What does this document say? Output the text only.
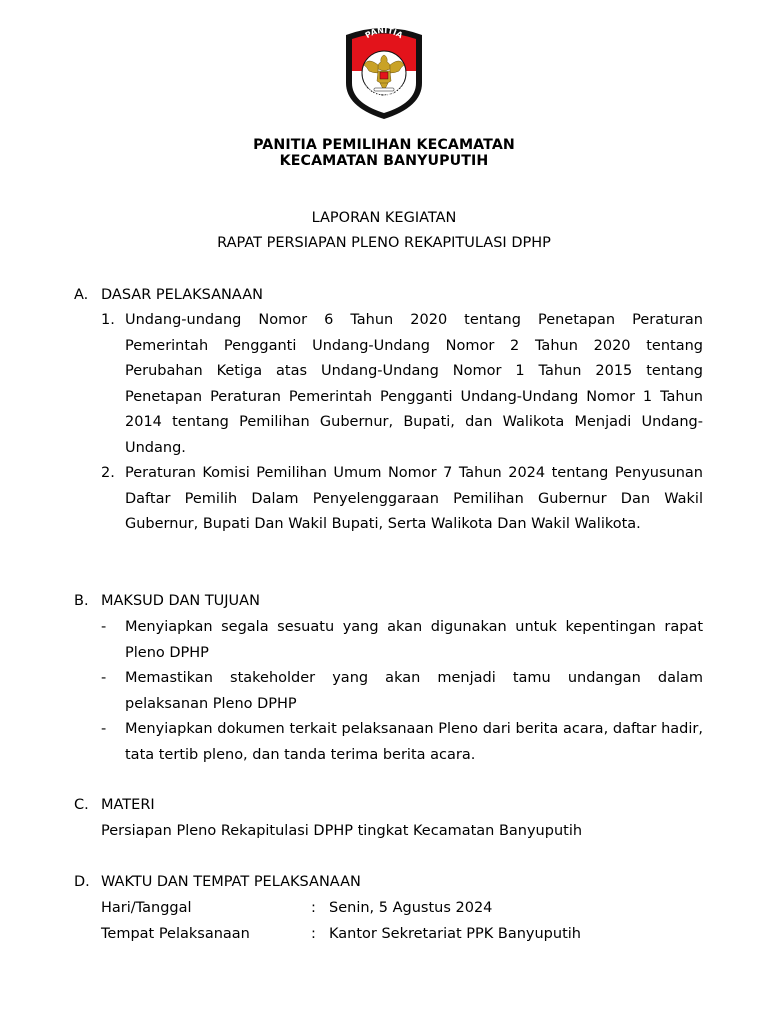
PANITIA
PEMILIHAN KECAMATAN
PANITIA PEMILIHAN KECAMATAN
KECAMATAN BANYUPUTIH
LAPORAN KEGIATAN
RAPAT PERSIAPAN PLENO REKAPITULASI DPHP
A. DASAR PELAKSANAAN
1. Undang-undang Nomor 6 Tahun 2020 tentang Penetapan Peraturan Pemerintah Pengganti Undang-Undang Nomor 2 Tahun 2020 tentang Perubahan Ketiga atas Undang-Undang Nomor 1 Tahun 2015 tentang Penetapan Peraturan Pemerintah Pengganti Undang-Undang Nomor 1 Tahun 2014 tentang Pemilihan Gubernur, Bupati, dan Walikota Menjadi Undang-Undang.
2. Peraturan Komisi Pemilihan Umum Nomor 7 Tahun 2024 tentang Penyusunan Daftar Pemilih Dalam Penyelenggaraan Pemilihan Gubernur Dan Wakil Gubernur, Bupati Dan Wakil Bupati, Serta Walikota Dan Wakil Walikota.
B. MAKSUD DAN TUJUAN
- Menyiapkan segala sesuatu yang akan digunakan untuk kepentingan rapat Pleno DPHP
- Memastikan stakeholder yang akan menjadi tamu undangan dalam pelaksanan Pleno DPHP
- Menyiapkan dokumen terkait pelaksanaan Pleno dari berita acara, daftar hadir, tata tertib pleno, dan tanda terima berita acara.
C. MATERI
Persiapan Pleno Rekapitulasi DPHP tingkat Kecamatan Banyuputih
D. WAKTU DAN TEMPAT PELAKSANAAN
Hari/Tanggal	: Senin, 5 Agustus 2024
Tempat Pelaksanaan	: Kantor Sekretariat PPK Banyuputih
